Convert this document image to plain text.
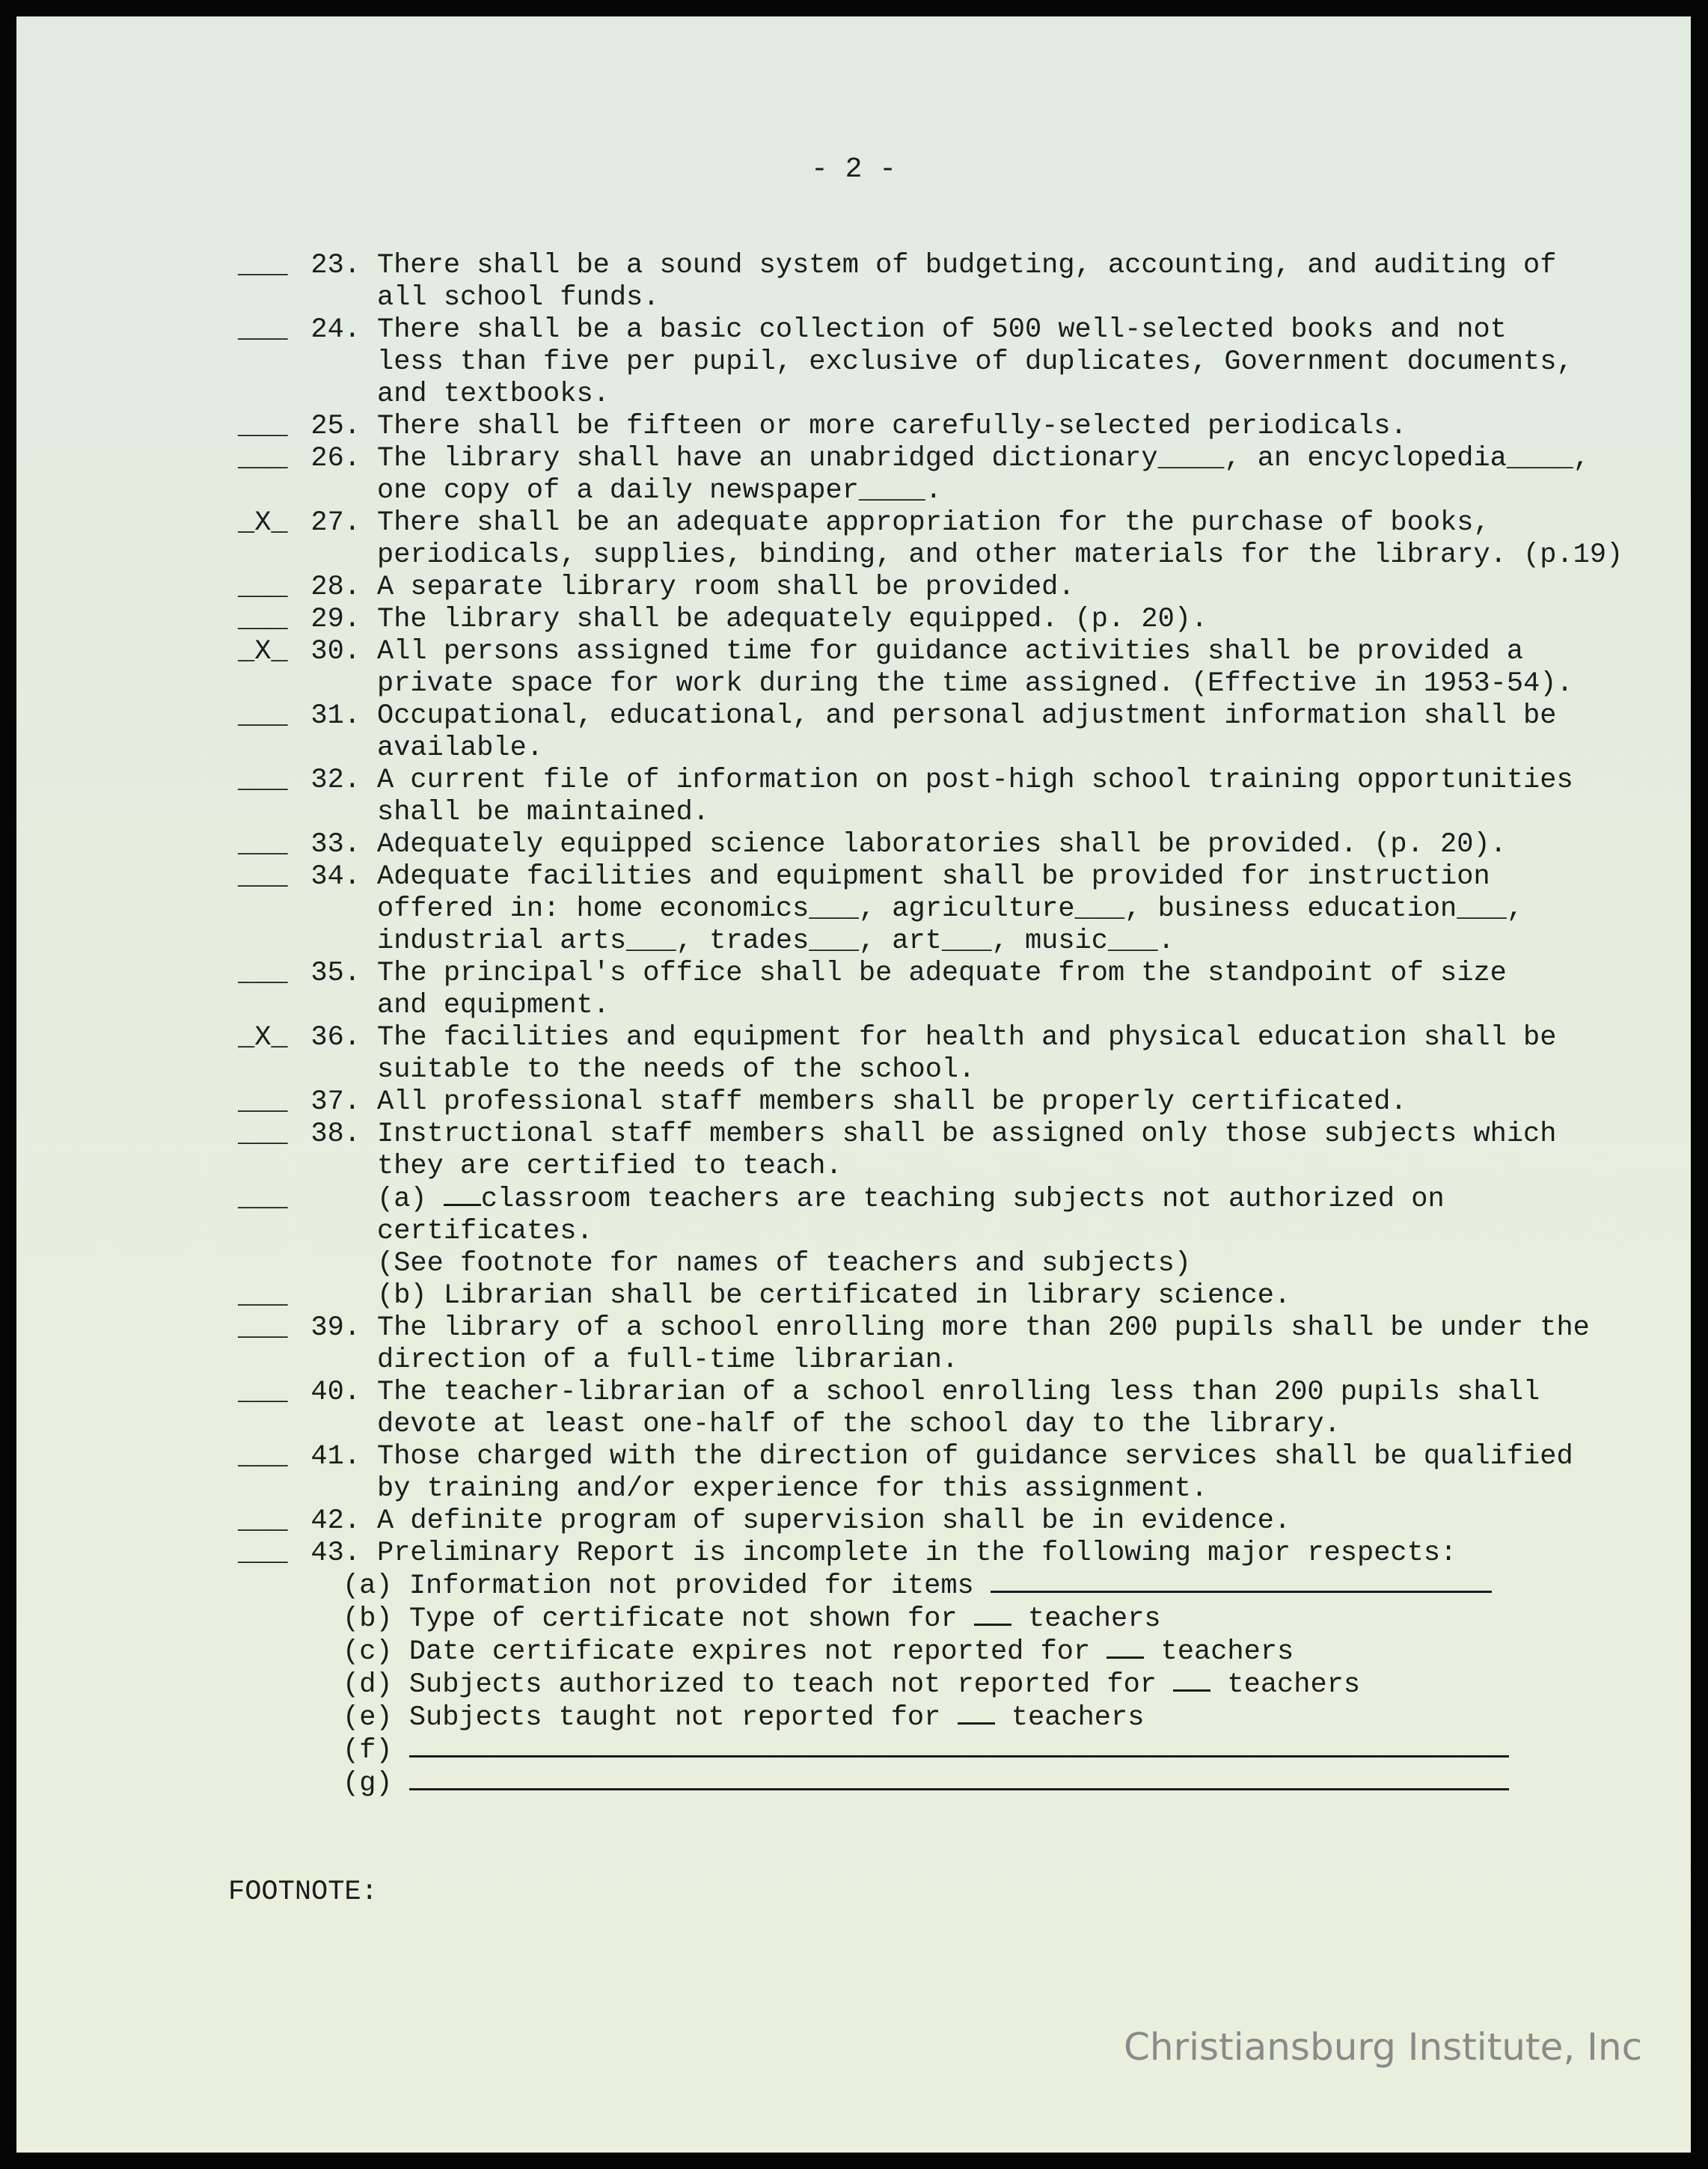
- 2 -
___ 23. There shall be a sound system of budgeting, accounting, and auditing of
all school funds.
___ 24. There shall be a basic collection of 500 well-selected books and not
less than five per pupil, exclusive of duplicates, Government documents,
and textbooks.
___ 25. There shall be fifteen or more carefully-selected periodicals.
___ 26. The library shall have an unabridged dictionary____, an encyclopedia____,
one copy of a daily newspaper____.
_X_ 27. There shall be an adequate appropriation for the purchase of books,
periodicals, supplies, binding, and other materials for the library. (p.19)
___ 28. A separate library room shall be provided.
___ 29. The library shall be adequately equipped. (p. 20).
_X_ 30. All persons assigned time for guidance activities shall be provided a
private space for work during the time assigned. (Effective in 1953-54).
___ 31. Occupational, educational, and personal adjustment information shall be
available.
___ 32. A current file of information on post-high school training opportunities
shall be maintained.
___ 33. Adequately equipped science laboratories shall be provided. (p. 20).
___ 34. Adequate facilities and equipment shall be provided for instruction
offered in: home economics___, agriculture___, business education___,
industrial arts___, trades___, art___, music___.
___ 35. The principal's office shall be adequate from the standpoint of size
and equipment.
_X_ 36. The facilities and equipment for health and physical education shall be
suitable to the needs of the school.
___ 37. All professional staff members shall be properly certificated.
___ 38. Instructional staff members shall be assigned only those subjects which
they are certified to teach.
___	(a) classroom teachers are teaching subjects not authorized on
certificates.
(See footnote for names of teachers and subjects)
___	(b) Librarian shall be certificated in library science.
___ 39. The library of a school enrolling more than 200 pupils shall be under the
direction of a full-time librarian.
___ 40. The teacher-librarian of a school enrolling less than 200 pupils shall
devote at least one-half of the school day to the library.
___ 41. Those charged with the direction of guidance services shall be qualified
by training and/or experience for this assignment.
___ 42. A definite program of supervision shall be in evidence.
___ 43. Preliminary Report is incomplete in the following major respects:
(a) Information not provided for items
(b) Type of certificate not shown for	teachers
(c) Date certificate expires not reported for	teachers
(d) Subjects authorized to teach not reported for	teachers
(e) Subjects taught not reported for	teachers
(f)
(g)
FOOTNOTE:
Christiansburg Institute, Inc
